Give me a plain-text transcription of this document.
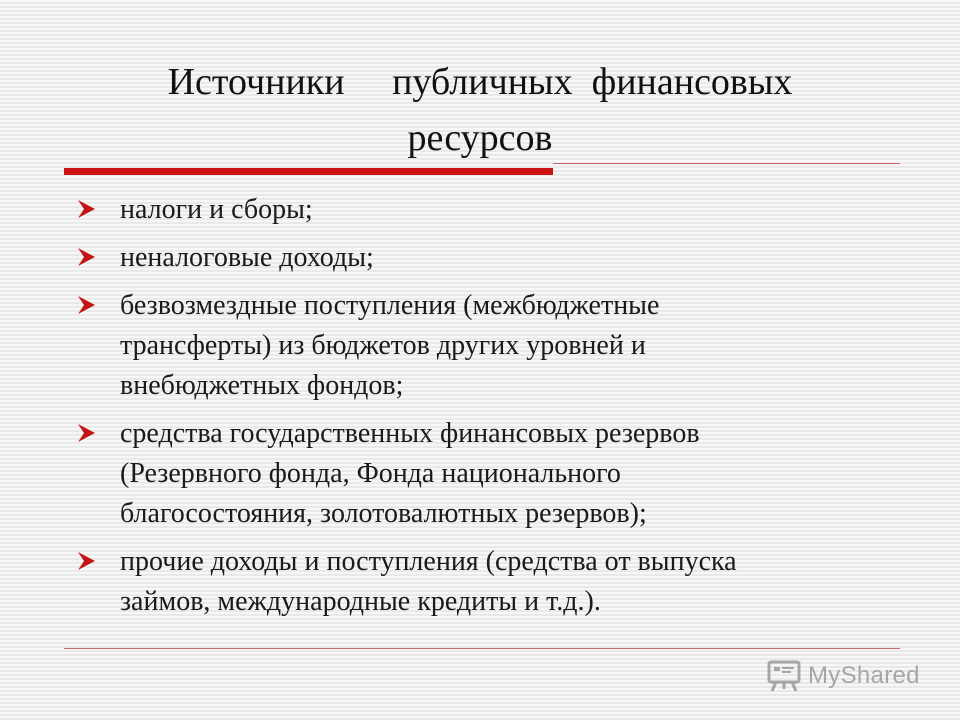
Источники     публичных  финансовых
ресурсов
налоги и сборы;
неналоговые доходы;
безвозмездные поступления (межбюджетные
трансферты) из бюджетов других уровней и
внебюджетных фондов;
средства государственных финансовых резервов
(Резервного фонда, Фонда национального
благосостояния, золотовалютных резервов);
прочие доходы и поступления (средства от выпуска
займов, международные кредиты и т.д.).
MyShared
